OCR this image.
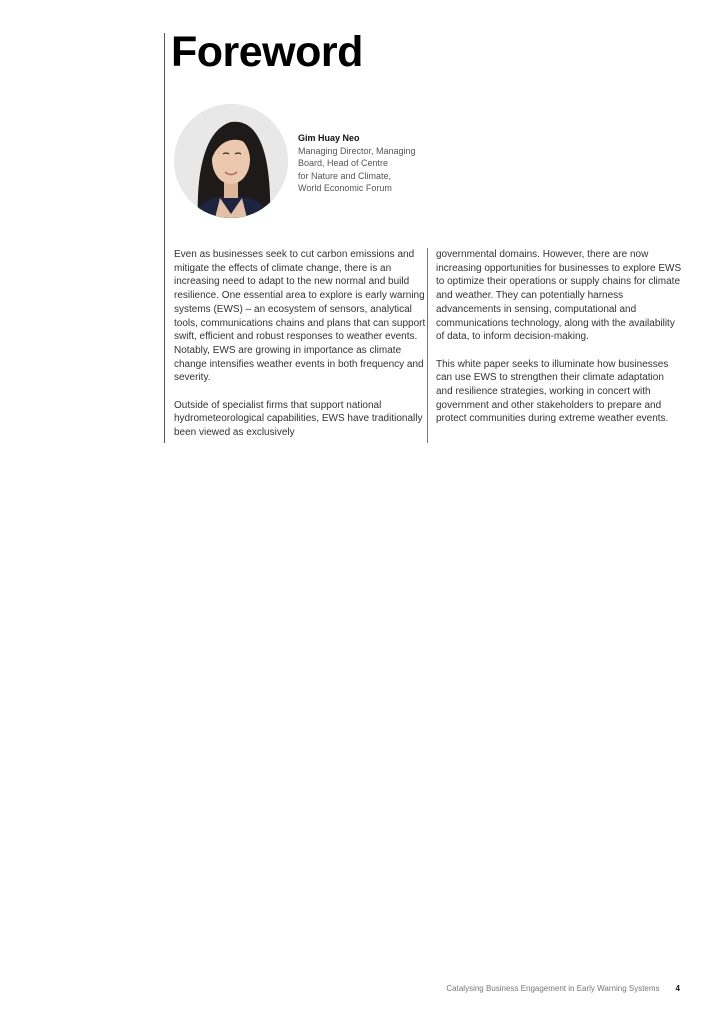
Foreword
Gim Huay Neo
Managing Director, Managing
Board, Head of Centre
for Nature and Climate,
World Economic Forum

Even as businesses seek to cut carbon emissions and mitigate the effects of climate change, there is an increasing need to adapt to the new normal and build resilience. One essential area to explore is early warning systems (EWS) – an ecosystem of sensors, analytical tools, communications chains and plans that can support swift, efficient and robust responses to weather events. Notably, EWS are growing in importance as climate change intensifies weather events in both frequency and severity.

Outside of specialist firms that support national hydrometeorological capabilities, EWS have traditionally been viewed as exclusively

governmental domains. However, there are now increasing opportunities for businesses to explore EWS to optimize their operations or supply chains for climate and weather. They can potentially harness advancements in sensing, computational and communications technology, along with the availability of data, to inform decision-making.

This white paper seeks to illuminate how businesses can use EWS to strengthen their climate adaptation and resilience strategies, working in concert with government and other stakeholders to prepare and protect communities during extreme weather events.

Catalysing Business Engagement in Early Warning Systems 4
